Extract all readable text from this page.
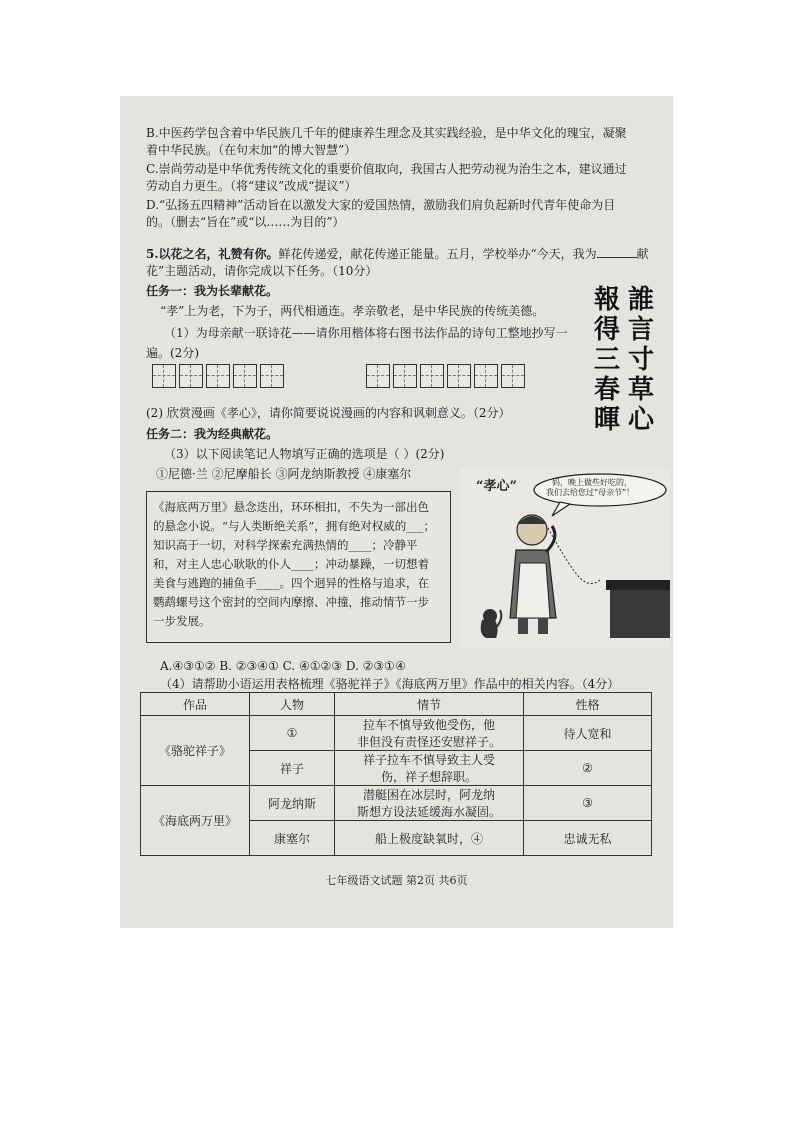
B.中医药学包含着中华民族几千年的健康养生理念及其实践经验，是中华文化的瑰宝，凝聚
着中华民族。（在句末加“的博大智慧”）
C.崇尚劳动是中华优秀传统文化的重要价值取向，我国古人把劳动视为治生之本，建议通过
劳动自力更生。（将“建议”改成“提议”）
D.“弘扬五四精神”活动旨在以激发大家的爱国热情，激励我们肩负起新时代青年使命为目
的。（删去“旨在”或“以……为目的”）
5.以花之名，礼赞有你。鲜花传递爱，献花传递正能量。五月，学校举办“今天，我为	献
花”主题活动，请你完成以下任务。（10分）
任务一：我为长辈献花。
“孝”上为老，下为子，两代相通连。孝亲敬老，是中华民族的传统美德。
（1）为母亲献一联诗花——请你用楷体将右图书法作品的诗句工整地抄写一
遍。(2分)
誰
言
寸
草
心
報
得
三
春
暉
(2) 欣赏漫画《孝心》，请你简要说说漫画的内容和讽刺意义。（2分）
任务二：我为经典献花。
（3）以下阅读笔记人物填写正确的选项是（ ）(2分)
①尼德·兰 ②尼摩船长 ③阿龙纳斯教授 ④康塞尔
《海底两万里》悬念迭出，环环相扣，不失为一部出色
的悬念小说。“与人类断绝关系”，拥有绝对权威的___；
知识高于一切，对科学探索充满热情的____；冷静平
和，对主人忠心耿耿的仆人____；冲动暴躁，一切想着
美食与逃跑的捕鱼手____。四个迥异的性格与追求，在
鹦鹉螺号这个密封的空间内摩擦、冲撞，推动情节一步
一步发展。
“孝心”	妈，晚上做些好吃的，
我们去给您过“母亲节”！
A.④③①② B. ②③④① C. ④①②③ D. ②③①④
（4）请帮助小语运用表格梳理《骆驼祥子》《海底两万里》作品中的相关内容。（4分）
作品	人物	情节	性格
《骆驼祥子》	①	拉车不慎导致他受伤，他
非但没有责怪还安慰祥子。	待人宽和
	祥子	祥子拉车不慎导致主人受
伤，祥子想辞职。	②
《海底两万里》	阿龙纳斯	潜艇困在冰层时，阿龙纳
斯想方设法延缓海水凝固。	③
	康塞尔	船上极度缺氧时，④	忠诚无私
七年级语文试题 第2页 共6页
